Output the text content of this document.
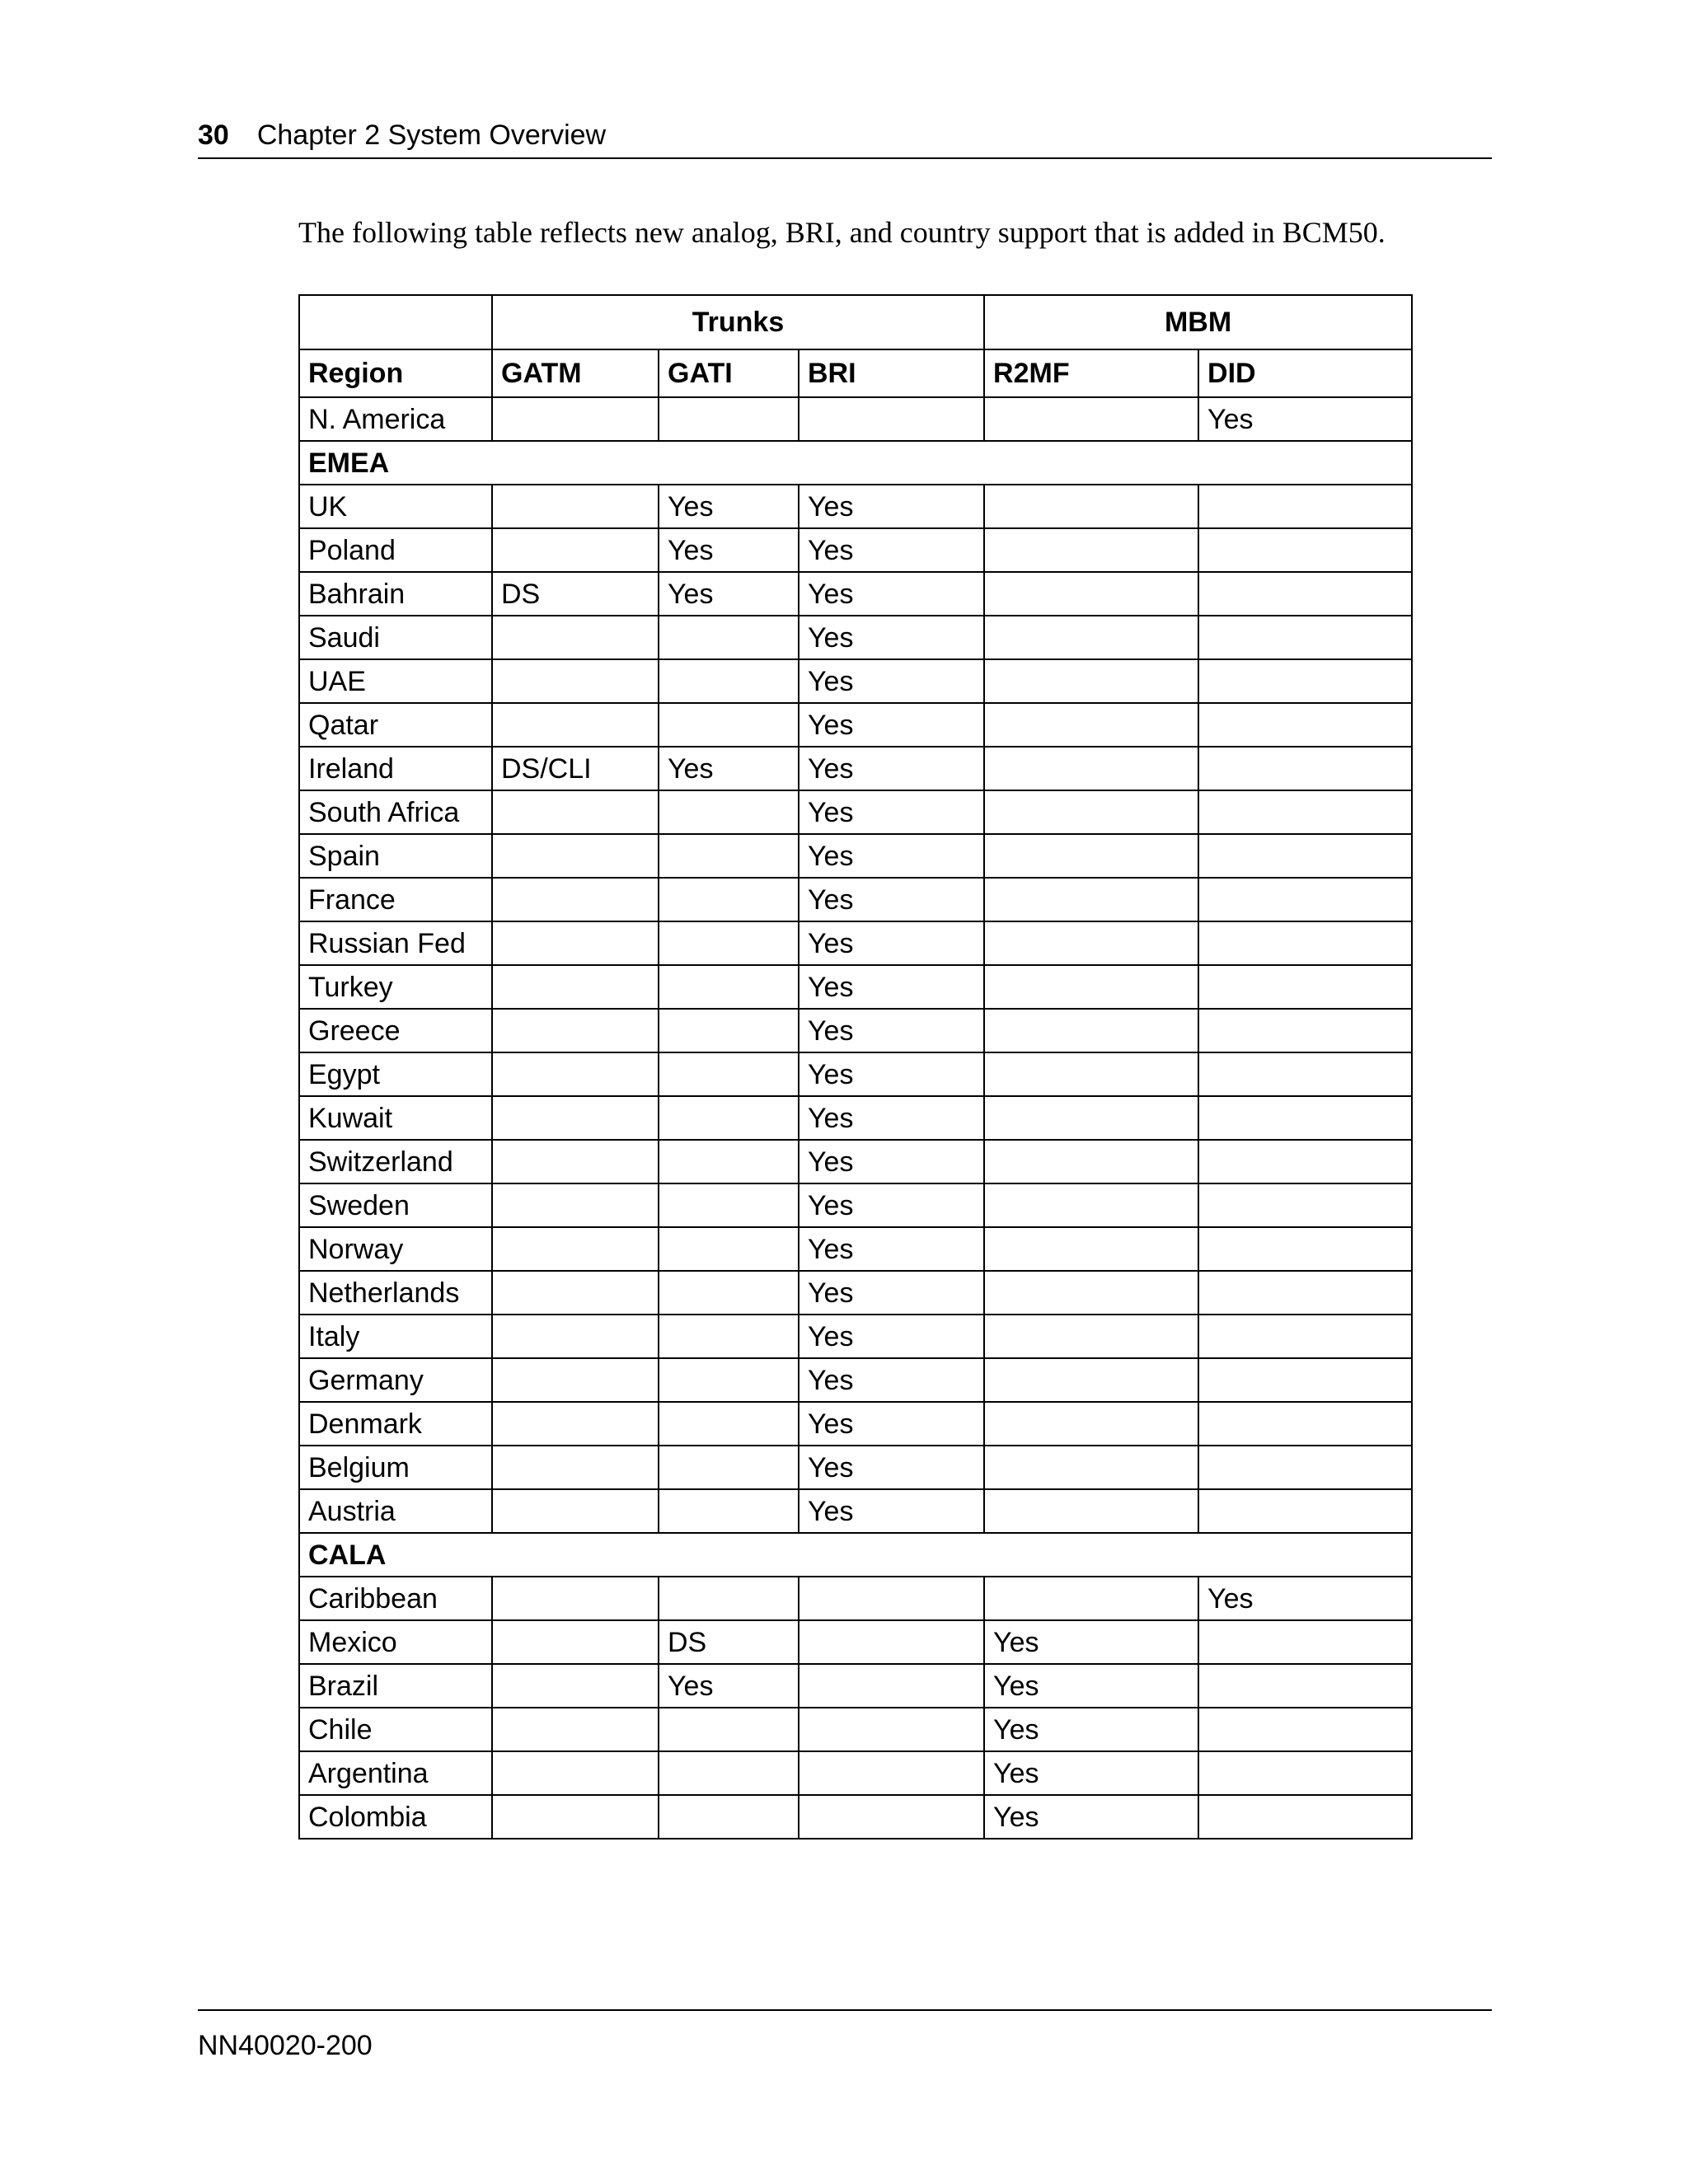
30 Chapter 2 System Overview
The following table reflects new analog, BRI, and country support that is added in BCM50.
	Trunks			MBM	
Region	GATM	GATI	BRI	R2MF	DID
N. America					Yes
EMEA					
UK		Yes	Yes		
Poland		Yes	Yes		
Bahrain	DS	Yes	Yes		
Saudi			Yes		
UAE			Yes		
Qatar			Yes		
Ireland	DS/CLI	Yes	Yes		
South Africa			Yes		
Spain			Yes		
France			Yes		
Russian Fed			Yes		
Turkey			Yes		
Greece			Yes		
Egypt			Yes		
Kuwait			Yes		
Switzerland			Yes		
Sweden			Yes		
Norway			Yes		
Netherlands			Yes		
Italy			Yes		
Germany			Yes		
Denmark			Yes		
Belgium			Yes		
Austria			Yes		
CALA					
Caribbean					Yes
Mexico		DS		Yes	
Brazil		Yes		Yes	
Chile				Yes	
Argentina				Yes	
Colombia				Yes	
NN40020-200
